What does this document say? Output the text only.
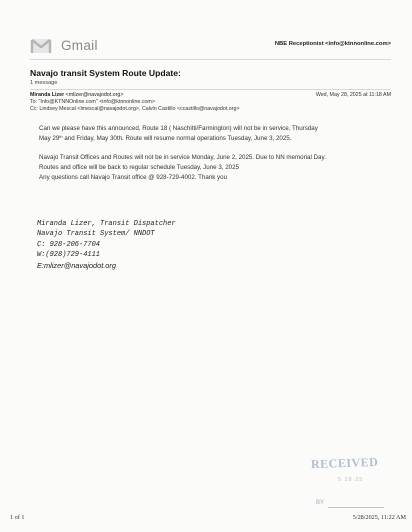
Gmail	NBE Receptionist <info@ktnnonline.com>
Navajo transit System Route Update:
1 message
Miranda Lizer <mlizer@navajodot.org>	Wed, May 28, 2025 at 11:18 AM
To: "Info@KTNNOnline.com" <info@ktnnonline.com>
Cc: Lindsey Mescal <lmescal@navajodot.org>, Calvin Castillo <ccastillo@navajodot.org>
Can we please have this announced, Route 18 ( Naschitti/Farmington) will not be in service, Thursday
May 29th and Friday, May 30th. Route will resume normal operations Tuesday, June 3, 2025.
Navajo Transit Offices and Routes will not be in service Monday, June 2, 2025. Due to NN memorial Day.
Routes and office will be back to regular schedule Tuesday, June 3, 2025
Any questions call Navajo Transit office @ 928-729-4002. Thank you
Miranda Lizer, Transit Dispatcher
Navajo Transit System/ NNDOT
C: 928-206-7704
W:(928)729-4111
E:mlizer@navajodot.org
RECEIVED
5 28 25
BY
1 of 1	5/28/2025, 11:22 AM
